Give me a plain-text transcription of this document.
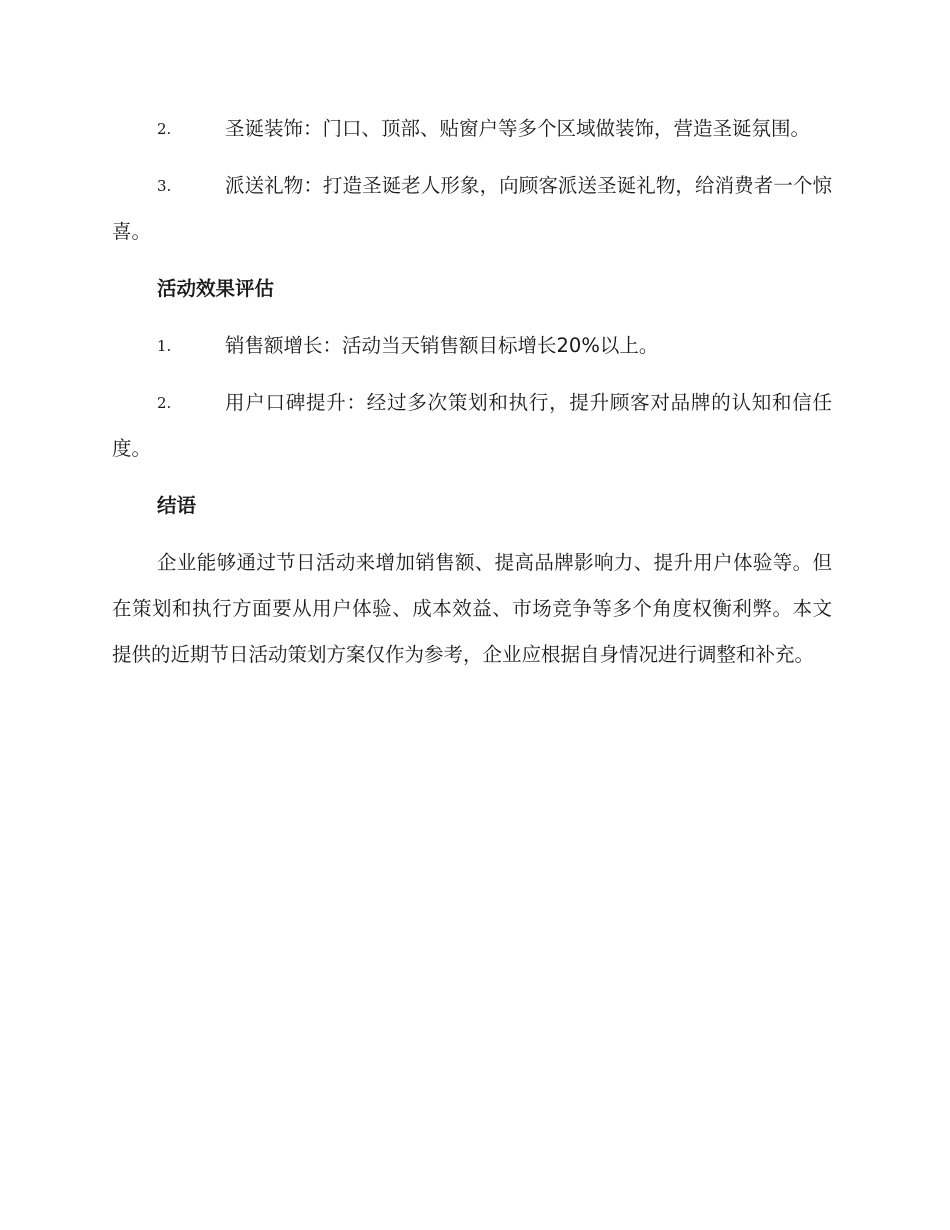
2.	圣诞装饰：门口、顶部、贴窗户等多个区域做装饰，营造圣诞氛围。
3.	派送礼物：打造圣诞老人形象，向顾客派送圣诞礼物，给消费者一个惊喜。
活动效果评估
1.	销售额增长：活动当天销售额目标增长20%以上。
2.	用户口碑提升：经过多次策划和执行，提升顾客对品牌的认知和信任度。
结语
企业能够通过节日活动来增加销售额、提高品牌影响力、提升用户体验等。但在策划和执行方面要从用户体验、成本效益、市场竞争等多个角度权衡利弊。本文提供的近期节日活动策划方案仅作为参考，企业应根据自身情况进行调整和补充。
